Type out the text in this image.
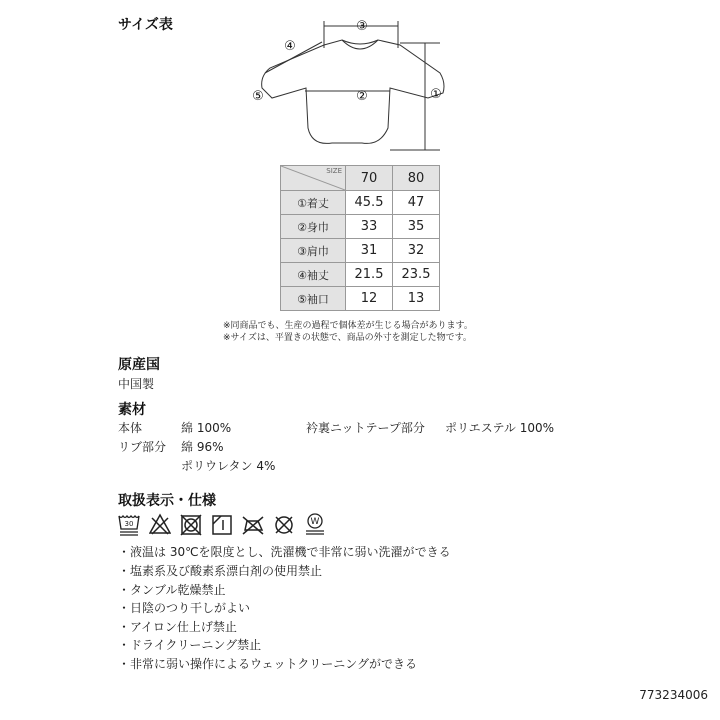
サイズ表	③
②	①
④
⑤
SIZE	70	80
①着丈	45.5	47
②身巾	33	35
③肩巾	31	32
④袖丈	21.5	23.5
⑤袖口	12	13
※同商品でも、生産の過程で個体差が生じる場合があります。
※サイズは、平置きの状態で、商品の外寸を測定した物です。
原産国
中国製
素材
本体	綿 100%	衿裏ニットテープ部分 ポリエステル 100%
リブ部分 綿 96%
ポリウレタン 4%
取扱表示・仕様
30	W
・液温は 30℃を限度とし、洗濯機で非常に弱い洗濯ができる
・塩素系及び酸素系漂白剤の使用禁止
・タンブル乾燥禁止
・日陰のつり干しがよい
・アイロン仕上げ禁止
・ドライクリーニング禁止
・非常に弱い操作によるウェットクリーニングができる
773234006
